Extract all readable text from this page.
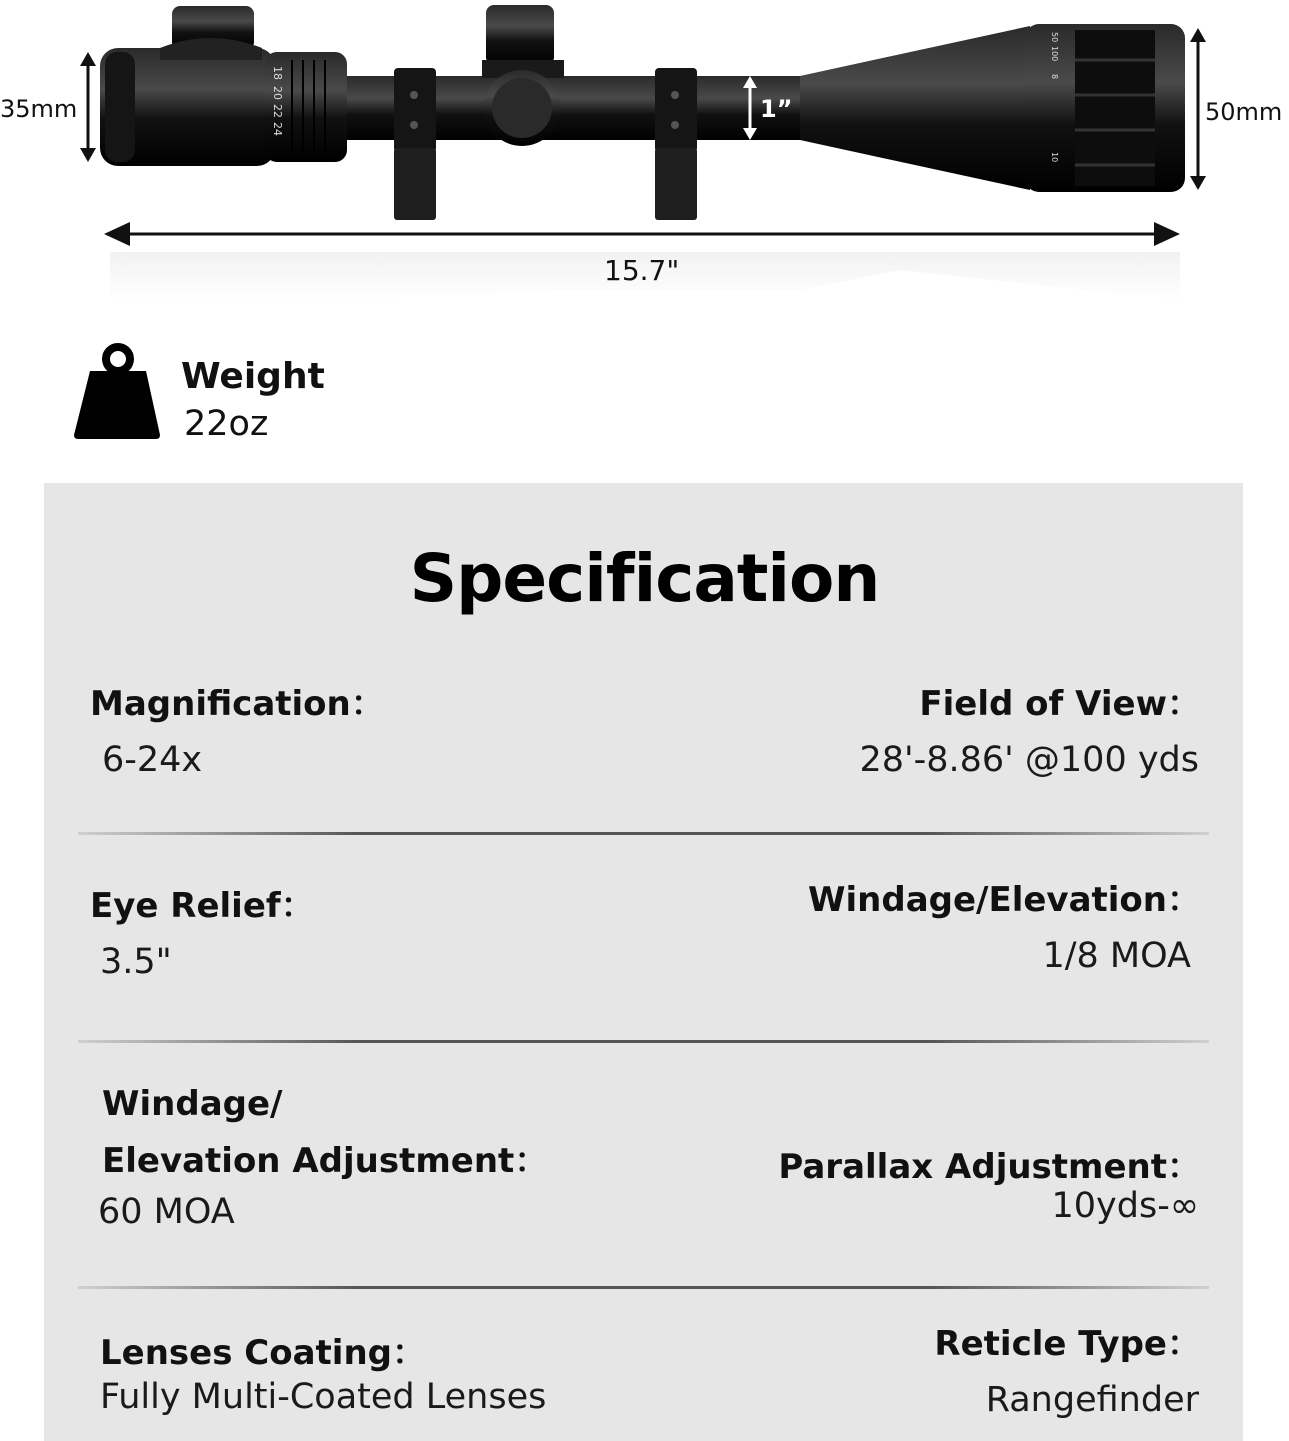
18
20
22
24
50
100
8
10
35mm	50mm
1”
15.7"
Weight
22oz
Specification
Magnification：
6-24x
Field of View：
28'-8.86' @100 yds
Eye Relief：
3.5"
Windage/Elevation：
1/8 MOA
Windage/
Elevation Adjustment：
60 MOA
Parallax Adjustment：
10yds-∞
Lenses Coating：
Fully Multi-Coated Lenses
Reticle Type：
Rangefinder
